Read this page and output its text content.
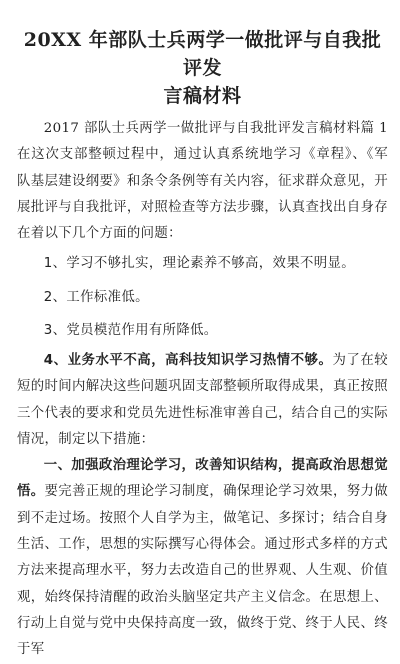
20XX 年部队士兵两学一做批评与自我批评发
言稿材料

2017 部队士兵两学一做批评与自我批评发言稿材料篇 1 在这次支部整顿过程中，通过认真系统地学习《章程》、《军队基层建设纲要》和条令条例等有关内容，征求群众意见，开展批评与自我批评，对照检查等方法步骤，认真查找出自身存在着以下几个方面的问题：

1、学习不够扎实，理论素养不够高，效果不明显。

2、工作标准低。

3、党员模范作用有所降低。

4、业务水平不高，高科技知识学习热情不够。为了在较短的时间内解决这些问题巩固支部整顿所取得成果，真正按照三个代表的要求和党员先进性标准审善自己，结合自己的实际情况，制定以下措施：

一、加强政治理论学习，改善知识结构，提高政治思想觉悟。要完善正规的理论学习制度，确保理论学习效果，努力做到不走过场。按照个人自学为主，做笔记、多探讨；结合自身生活、工作，思想的实际撰写心得体会。通过形式多样的方式方法来提高理水平，努力去改造自己的世界观、人生观、价值观，始终保持清醒的政治头脑坚定共产主义信念。在思想上、行动上自觉与党中央保持高度一致，做终于党、终于人民、终于军
